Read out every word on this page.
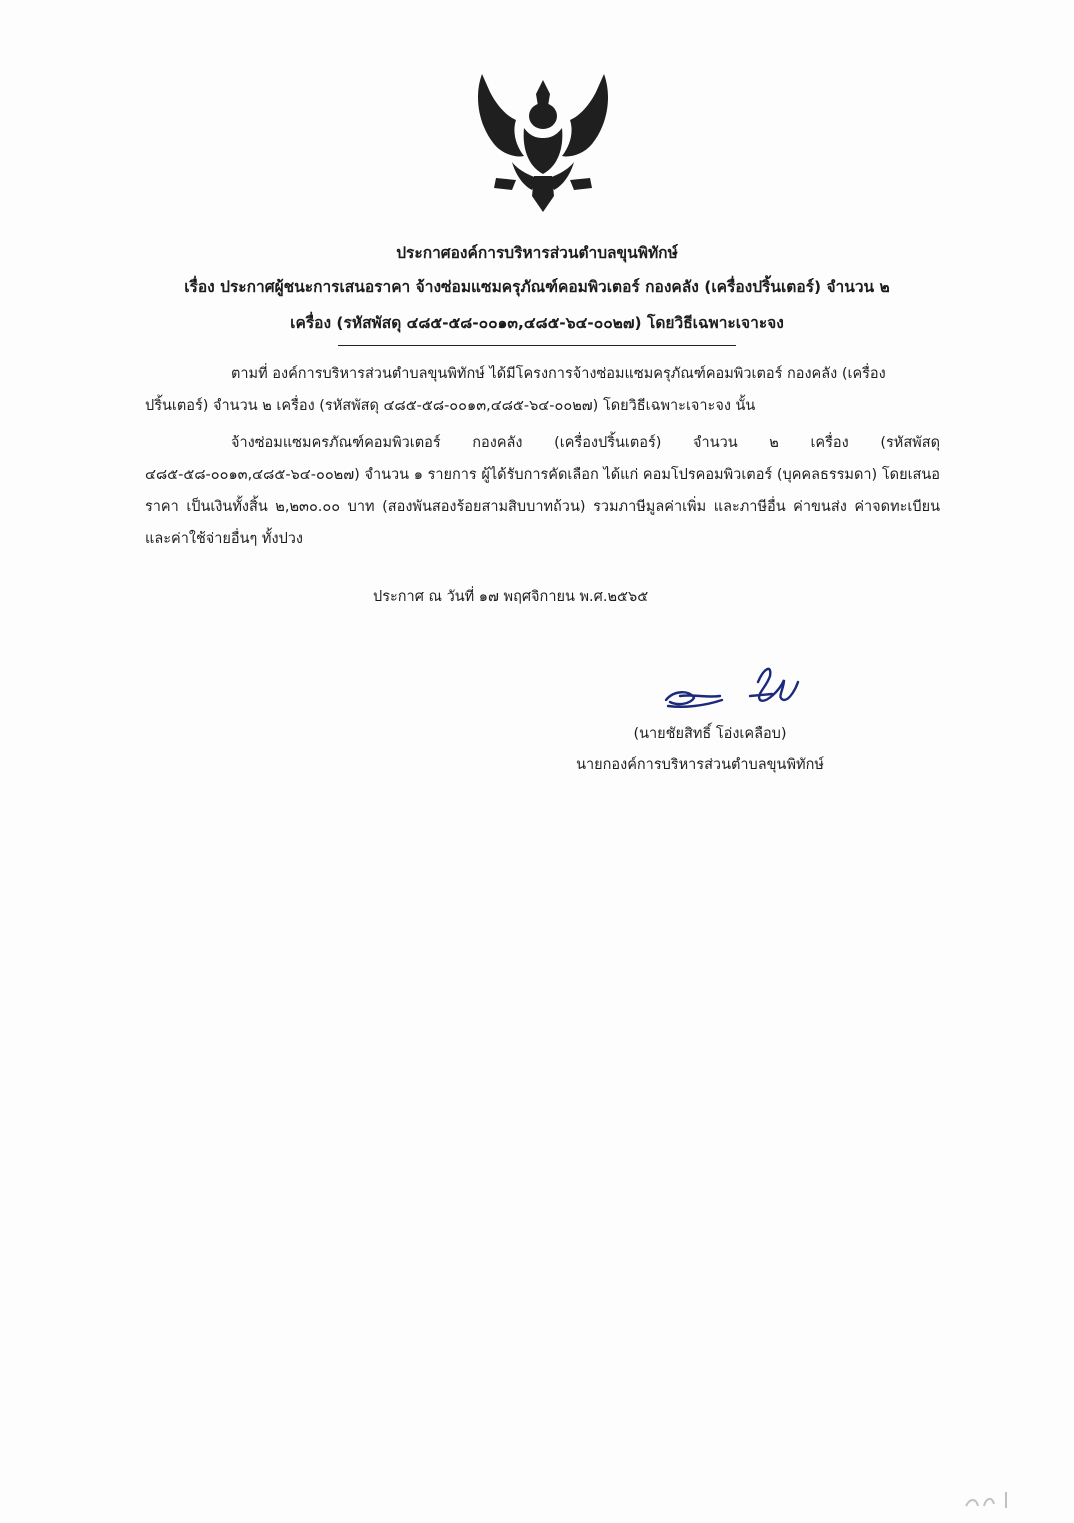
ประกาศองค์การบริหารส่วนตำบลขุนพิทักษ์
เรื่อง ประกาศผู้ชนะการเสนอราคา จ้างซ่อมแซมครุภัณฑ์คอมพิวเตอร์ กองคลัง (เครื่องปริ้นเตอร์) จำนวน ๒
เครื่อง (รหัสพัสดุ ๔๘๕-๕๘-๐๐๑๓,๔๘๕-๖๔-๐๐๒๗) โดยวิธีเฉพาะเจาะจง
ตามที่ องค์การบริหารส่วนตำบลขุนพิทักษ์ ได้มีโครงการจ้างซ่อมแซมครุภัณฑ์คอมพิวเตอร์ กองคลัง (เครื่องปริ้นเตอร์) จำนวน ๒ เครื่อง (รหัสพัสดุ ๔๘๕-๕๘-๐๐๑๓,๔๘๕-๖๔-๐๐๒๗) โดยวิธีเฉพาะเจาะจง นั้น
จ้างซ่อมแซมครภัณฑ์คอมพิวเตอร์ กองคลัง (เครื่องปริ้นเตอร์) จำนวน ๒ เครื่อง (รหัสพัสดุ ๔๘๕-๕๘-๐๐๑๓,๔๘๕-๖๔-๐๐๒๗) จำนวน ๑ รายการ ผู้ได้รับการคัดเลือก ได้แก่ คอมโปรคอมพิวเตอร์ (บุคคลธรรมดา) โดยเสนอราคา เป็นเงินทั้งสิ้น ๒,๒๓๐.๐๐ บาท (สองพันสองร้อยสามสิบบาทถ้วน) รวมภาษีมูลค่าเพิ่ม และภาษีอื่น ค่าขนส่ง ค่าจดทะเบียน และค่าใช้จ่ายอื่นๆ ทั้งปวง
ประกาศ ณ วันที่ ๑๗ พฤศจิกายน พ.ศ.๒๕๖๕
(นายชัยสิทธิ์ โอ่งเคลือบ)
นายกองค์การบริหารส่วนตำบลขุนพิทักษ์
